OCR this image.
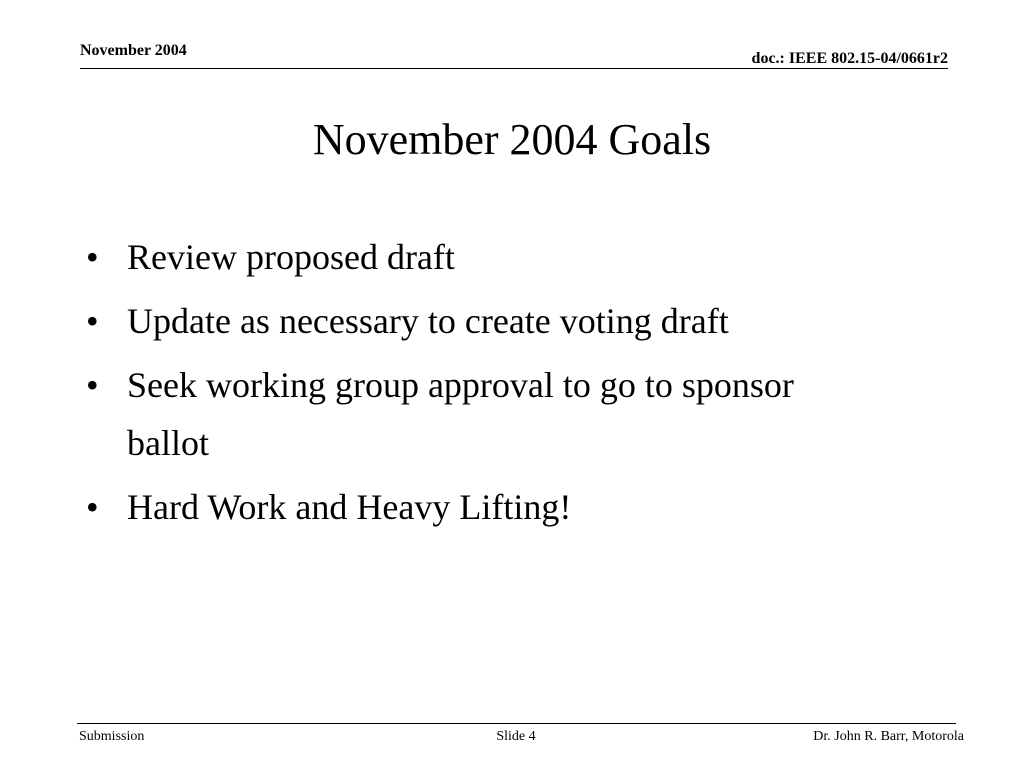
November 2004	doc.: IEEE 802.15-04/0661r2
November 2004 Goals
• Review proposed draft
• Update as necessary to create voting draft
• Seek working group approval to go to sponsor ballot
• Hard Work and Heavy Lifting!
Submission	Slide 4	Dr. John R. Barr, Motorola
